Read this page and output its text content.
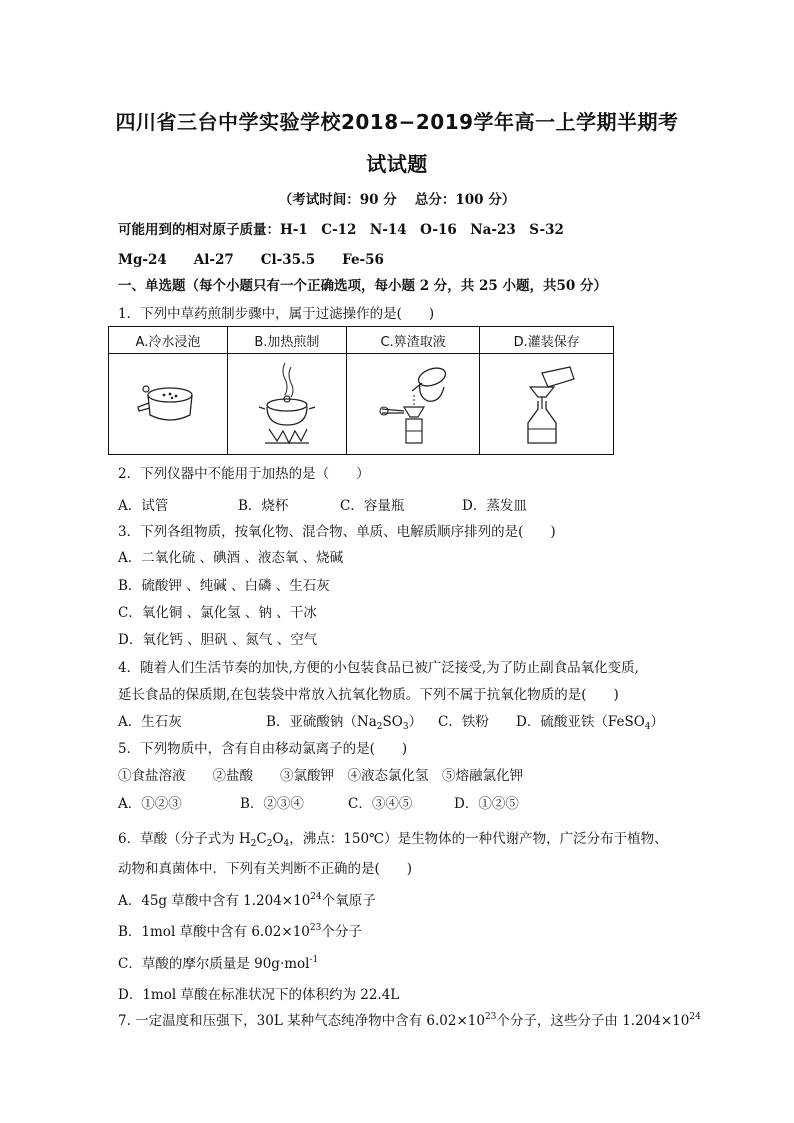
四川省三台中学实验学校2018−2019学年高一上学期半期考
试试题
（考试时间：90 分　 总分：100 分）
可能用到的相对原子质量：H-1　C-12　N-14　O-16　Na-23　S-32
Mg-24　　Al-27　　Cl-35.5　　Fe-56
一、单选题（每个小题只有一个正确选项，每小题 2 分，共 25 小题，共50 分）
1．下列中草药煎制步骤中，属于过滤操作的是(　　)
A.冷水浸泡	B.加热煎制	C.箅渣取液	D.灌装保存

2．下列仪器中不能用于加热的是（　　）
A．试管	B．烧杯	C．容量瓶	D．蒸发皿
3．下列各组物质，按氧化物、混合物、单质、电解质顺序排列的是(　　)
A．二氧化硫 、碘酒 、液态氧 、烧碱
B．硫酸钾 、纯碱 、白磷 、生石灰
C．氧化铜 、氯化氢 、钠 、干冰
D．氧化钙 、胆矾 、氮气 、空气
4．随着人们生活节奏的加快,方便的小包装食品已被广泛接受,为了防止副食品氧化变质,
延长食品的保质期,在包装袋中常放入抗氧化物质。下列不属于抗氧化物质的是(　　)
A．生石灰	B．亚硫酸钠$(Na_2SO_3)$ C．铁粉 D．硫酸亚铁（FeSO$_4$）
5．下列物质中，含有自由移动氯离子的是(　　)
①食盐溶液　　②盐酸　　③氯酸钾　④液态氯化氢　⑤熔融氯化钾
A．①②③	B．②③④	C．③④⑤	D．①②⑤
6．草酸（分子式为 $H_2C_2O_4$，沸点：150℃）是生物体的一种代谢产物，广泛分布于植物、
动物和真菌体中．下列有关判断不正确的是(　　)
A．45g 草酸中含有 $1.204\times 10^{24}$个氧原子
B．1mol 草酸中含有 $6.02\times 10^{23}$个分子
C．草酸的摩尔质量是 90g·mol$^{-1}$
D．1mol 草酸在标准状况下的体积约为 22.4L
7. 一定温度和压强下，30L 某种气态纯净物中含有 $6.02\times 10^{23}$个分子，这些分子由 $1.204\times 10^{24}$
